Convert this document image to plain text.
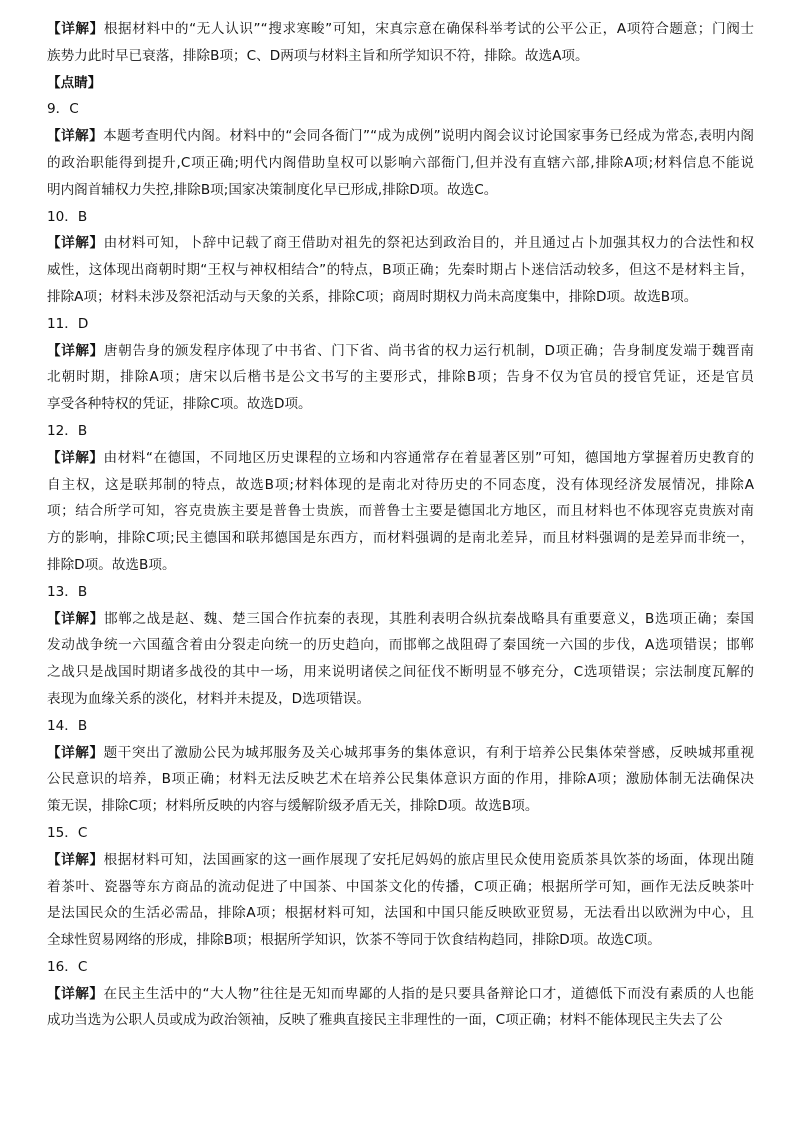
【详解】根据材料中的“无人认识”“搜求寒畯”可知，宋真宗意在确保科举考试的公平公正，A项符合题意；门阀士
族势力此时早已衰落，排除B项；C、D两项与材料主旨和所学知识不符，排除。故选A项。
【点睛】
9．C
【详解】本题考查明代内阁。材料中的“会同各衙门”“成为成例”说明内阁会议讨论国家事务已经成为常态,表明内阁
的政治职能得到提升,C项正确;明代内阁借助皇权可以影响六部衙门,但并没有直辖六部,排除A项;材料信息不能说
明内阁首辅权力失控,排除B项;国家决策制度化早已形成,排除D项。故选C。
10．B
【详解】由材料可知，卜辞中记载了商王借助对祖先的祭祀达到政治目的，并且通过占卜加强其权力的合法性和权
威性，这体现出商朝时期“王权与神权相结合”的特点，B项正确；先秦时期占卜迷信活动较多，但这不是材料主旨，
排除A项；材料未涉及祭祀活动与天象的关系，排除C项；商周时期权力尚未高度集中，排除D项。故选B项。
11．D
【详解】唐朝告身的颁发程序体现了中书省、门下省、尚书省的权力运行机制，D项正确；告身制度发端于魏晋南
北朝时期，排除A项；唐宋以后楷书是公文书写的主要形式，排除B项；告身不仅为官员的授官凭证，还是官员
享受各种特权的凭证，排除C项。故选D项。
12．B
【详解】由材料“在德国，不同地区历史课程的立场和内容通常存在着显著区别”可知，德国地方掌握着历史教育的
自主权，这是联邦制的特点，故选B项;材料体现的是南北对待历史的不同态度，没有体现经济发展情况，排除A
项；结合所学可知，容克贵族主要是普鲁士贵族，而普鲁士主要是德国北方地区，而且材料也不体现容克贵族对南
方的影响，排除C项;民主德国和联邦德国是东西方，而材料强调的是南北差异，而且材料强调的是差异而非统一，
排除D项。故选B项。
13．B
【详解】邯郸之战是赵、魏、楚三国合作抗秦的表现，其胜利表明合纵抗秦战略具有重要意义，B选项正确；秦国
发动战争统一六国蕴含着由分裂走向统一的历史趋向，而邯郸之战阻碍了秦国统一六国的步伐，A选项错误；邯郸
之战只是战国时期诸多战役的其中一场，用来说明诸侯之间征伐不断明显不够充分，C选项错误；宗法制度瓦解的
表现为血缘关系的淡化，材料并未提及，D选项错误。
14．B
【详解】题干突出了激励公民为城邦服务及关心城邦事务的集体意识，有利于培养公民集体荣誉感，反映城邦重视
公民意识的培养，B项正确；材料无法反映艺术在培养公民集体意识方面的作用，排除A项；激励体制无法确保决
策无误，排除C项；材料所反映的内容与缓解阶级矛盾无关，排除D项。故选B项。
15．C
【详解】根据材料可知，法国画家的这一画作展现了安托尼妈妈的旅店里民众使用瓷质茶具饮茶的场面，体现出随
着茶叶、瓷器等东方商品的流动促进了中国茶、中国茶文化的传播，C项正确；根据所学可知，画作无法反映茶叶
是法国民众的生活必需品，排除A项；根据材料可知，法国和中国只能反映欧亚贸易，无法看出以欧洲为中心，且
全球性贸易网络的形成，排除B项；根据所学知识，饮茶不等同于饮食结构趋同，排除D项。故选C项。
16．C
【详解】在民主生活中的“大人物”往往是无知而卑鄙的人指的是只要具备辩论口才，道德低下而没有素质的人也能
成功当选为公职人员或成为政治领袖，反映了雅典直接民主非理性的一面，C项正确；材料不能体现民主失去了公
